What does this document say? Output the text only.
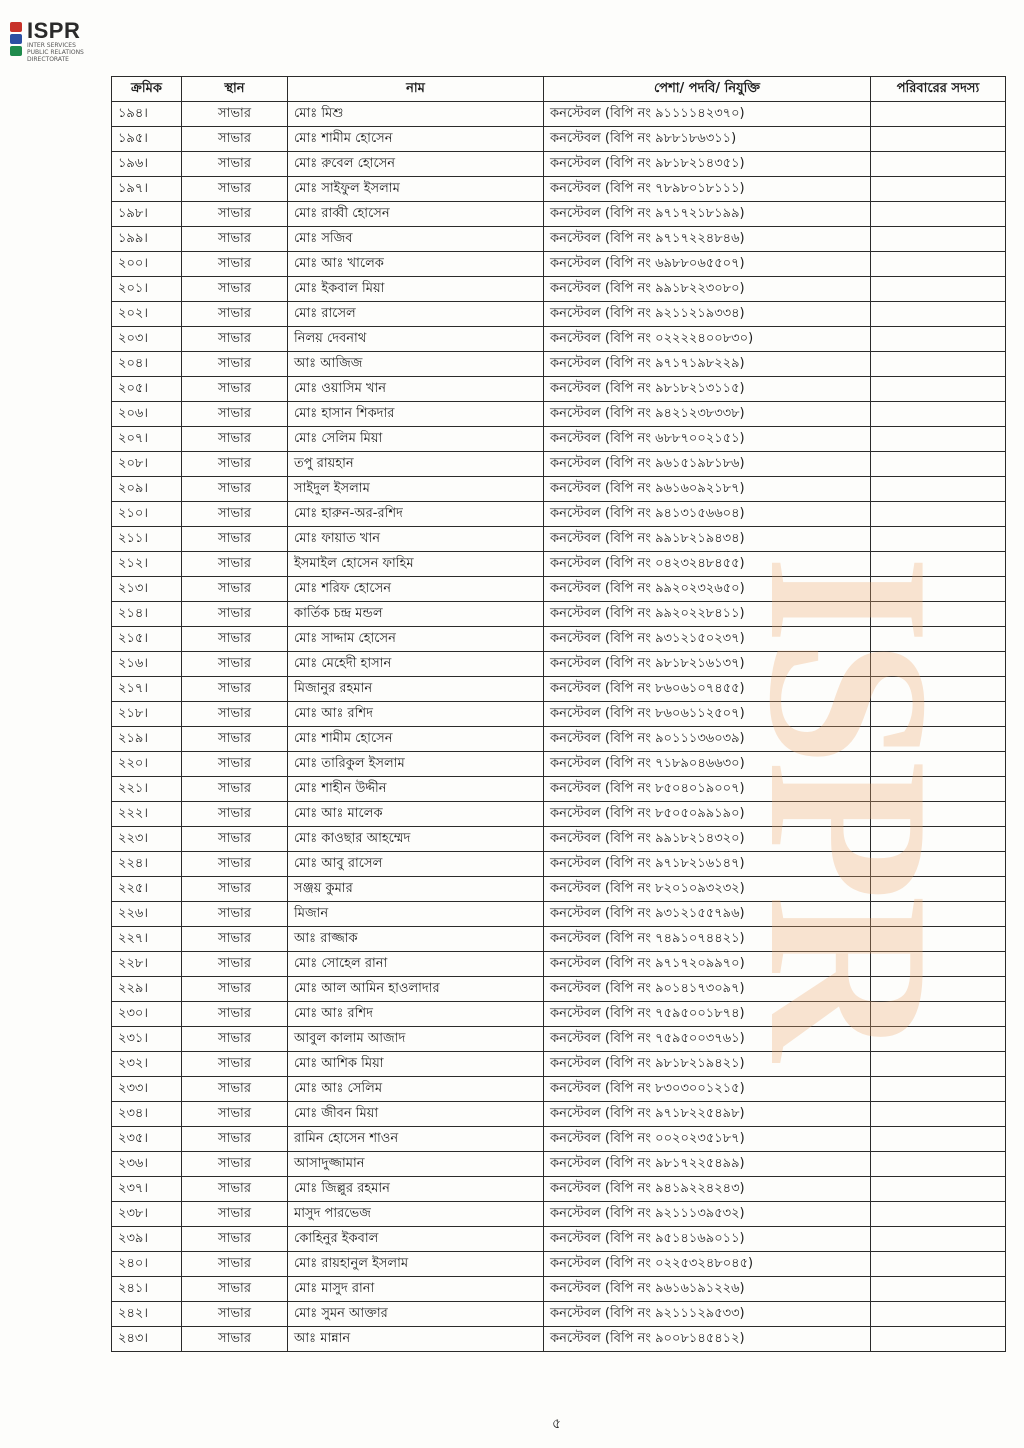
ISPR
INTER SERVICES PUBLIC RELATIONS DIRECTORATE
ISPR
ক্রমিক	স্থান	নাম	পেশা/ পদবি/ নিযুক্তি	পরিবারের সদস্য
১৯৪।	সাভার	মোঃ মিশু	কনস্টেবল (বিপি নং ৯১১১১৪২৩৭০)	
১৯৫।	সাভার	মোঃ শামীম হোসেন	কনস্টেবল (বিপি নং ৯৮৮১৮৬৩১১)	
১৯৬।	সাভার	মোঃ রুবেল হোসেন	কনস্টেবল (বিপি নং ৯৮১৮২১৪৩৫১)	
১৯৭।	সাভার	মোঃ সাইফুল ইসলাম	কনস্টেবল (বিপি নং ৭৮৯৮০১৮১১১)	
১৯৮।	সাভার	মোঃ রাব্বী হোসেন	কনস্টেবল (বিপি নং ৯৭১৭২১৮১৯৯)	
১৯৯।	সাভার	মোঃ সজিব	কনস্টেবল (বিপি নং ৯৭১৭২২৪৮৪৬)	
২০০।	সাভার	মোঃ আঃ খালেক	কনস্টেবল (বিপি নং ৬৯৮৮০৬৫৫০৭)	
২০১।	সাভার	মোঃ ইকবাল মিয়া	কনস্টেবল (বিপি নং ৯৯১৮২২৩০৮০)	
২০২।	সাভার	মোঃ রাসেল	কনস্টেবল (বিপি নং ৯২১১২১৯৩৩৪)	
২০৩।	সাভার	নিলয় দেবনাথ	কনস্টেবল (বিপি নং ০২২২২৪০০৮৩০)	
২০৪।	সাভার	আঃ আজিজ	কনস্টেবল (বিপি নং ৯৭১৭১৯৮২২৯)	
২০৫।	সাভার	মোঃ ওয়াসিম খান	কনস্টেবল (বিপি নং ৯৮১৮২১৩১১৫)	
২০৬।	সাভার	মোঃ হাসান শিকদার	কনস্টেবল (বিপি নং ৯৪২১২৩৮৩৩৮)	
২০৭।	সাভার	মোঃ সেলিম মিয়া	কনস্টেবল (বিপি নং ৬৮৮৭০০২১৫১)	
২০৮।	সাভার	তপু রায়হান	কনস্টেবল (বিপি নং ৯৬১৫১৯৮১৮৬)	
২০৯।	সাভার	সাইদুল ইসলাম	কনস্টেবল (বিপি নং ৯৬১৬০৯২১৮৭)	
২১০।	সাভার	মোঃ হারুন-অর-রশিদ	কনস্টেবল (বিপি নং ৯৪১৩১৫৬৬০৪)	
২১১।	সাভার	মোঃ ফায়াত খান	কনস্টেবল (বিপি নং ৯৯১৮২১৯৪৩৪)	
২১২।	সাভার	ইসমাইল হোসেন ফাহিম	কনস্টেবল (বিপি নং ০৪২৩২৪৮৪৫৫)	
২১৩।	সাভার	মোঃ শরিফ হোসেন	কনস্টেবল (বিপি নং ৯৯২০২৩২৬৫০)	
২১৪।	সাভার	কার্তিক চন্দ্র মন্ডল	কনস্টেবল (বিপি নং ৯৯২০২২৮৪১১)	
২১৫।	সাভার	মোঃ সাদ্দাম হোসেন	কনস্টেবল (বিপি নং ৯৩১২১৫০২৩৭)	
২১৬।	সাভার	মোঃ মেহেদী হাসান	কনস্টেবল (বিপি নং ৯৮১৮২১৬১৩৭)	
২১৭।	সাভার	মিজানুর রহমান	কনস্টেবল (বিপি নং ৮৬০৬১০৭৪৫৫)	
২১৮।	সাভার	মোঃ আঃ রশিদ	কনস্টেবল (বিপি নং ৮৬০৬১১২৫০৭)	
২১৯।	সাভার	মোঃ শামীম হোসেন	কনস্টেবল (বিপি নং ৯০১১১৩৬০৩৯)	
২২০।	সাভার	মোঃ তারিকুল ইসলাম	কনস্টেবল (বিপি নং ৭১৮৯০৪৬৬৩০)	
২২১।	সাভার	মোঃ শাহীন উদ্দীন	কনস্টেবল (বিপি নং ৮৫০৪০১৯০০৭)	
২২২।	সাভার	মোঃ আঃ মালেক	কনস্টেবল (বিপি নং ৮৫০৫০৯৯১৯০)	
২২৩।	সাভার	মোঃ কাওছার আহম্মেদ	কনস্টেবল (বিপি নং ৯৯১৮২১৪৩২০)	
২২৪।	সাভার	মোঃ আবু রাসেল	কনস্টেবল (বিপি নং ৯৭১৮২১৬১৪৭)	
২২৫।	সাভার	সঞ্জয় কুমার	কনস্টেবল (বিপি নং ৮২০১০৯৩২৩২)	
২২৬।	সাভার	মিজান	কনস্টেবল (বিপি নং ৯৩১২১৫৫৭৯৬)	
২২৭।	সাভার	আঃ রাজ্জাক	কনস্টেবল (বিপি নং ৭৪৯১০৭৪৪২১)	
২২৮।	সাভার	মোঃ সোহেল রানা	কনস্টেবল (বিপি নং ৯৭১৭২০৯৯৭০)	
২২৯।	সাভার	মোঃ আল আমিন হাওলাদার	কনস্টেবল (বিপি নং ৯০১৪১৭৩০৯৭)	
২৩০।	সাভার	মোঃ আঃ রশিদ	কনস্টেবল (বিপি নং ৭৫৯৫০০১৮৭৪)	
২৩১।	সাভার	আবুল কালাম আজাদ	কনস্টেবল (বিপি নং ৭৫৯৫০০৩৭৬১)	
২৩২।	সাভার	মোঃ আশিক মিয়া	কনস্টেবল (বিপি নং ৯৮১৮২১৯৪২১)	
২৩৩।	সাভার	মোঃ আঃ সেলিম	কনস্টেবল (বিপি নং ৮৩০৩০০১২১৫)	
২৩৪।	সাভার	মোঃ জীবন মিয়া	কনস্টেবল (বিপি নং ৯৭১৮২২৫৪৯৮)	
২৩৫।	সাভার	রামিন হোসেন শাওন	কনস্টেবল (বিপি নং ০০২০২৩৫১৮৭)	
২৩৬।	সাভার	আসাদুজ্জামান	কনস্টেবল (বিপি নং ৯৮১৭২২৫৪৯৯)	
২৩৭।	সাভার	মোঃ জিল্লুর রহমান	কনস্টেবল (বিপি নং ৯৪১৯২২৪২৪৩)	
২৩৮।	সাভার	মাসুদ পারভেজ	কনস্টেবল (বিপি নং ৯২১১১৩৯৫৩২)	
২৩৯।	সাভার	কোহিনুর ইকবাল	কনস্টেবল (বিপি নং ৯৫১৪১৬৯০১১)	
২৪০।	সাভার	মোঃ রায়হানুল ইসলাম	কনস্টেবল (বিপি নং ০২২৫৩২৪৮০৪৫)	
২৪১।	সাভার	মোঃ মাসুদ রানা	কনস্টেবল (বিপি নং ৯৬১৬১৯১২২৬)	
২৪২।	সাভার	মোঃ সুমন আক্তার	কনস্টেবল (বিপি নং ৯২১১১২৯৫৩৩)	
২৪৩।	সাভার	আঃ মান্নান	কনস্টেবল (বিপি নং ৯০০৮১৪৫৪১২)	
৫
